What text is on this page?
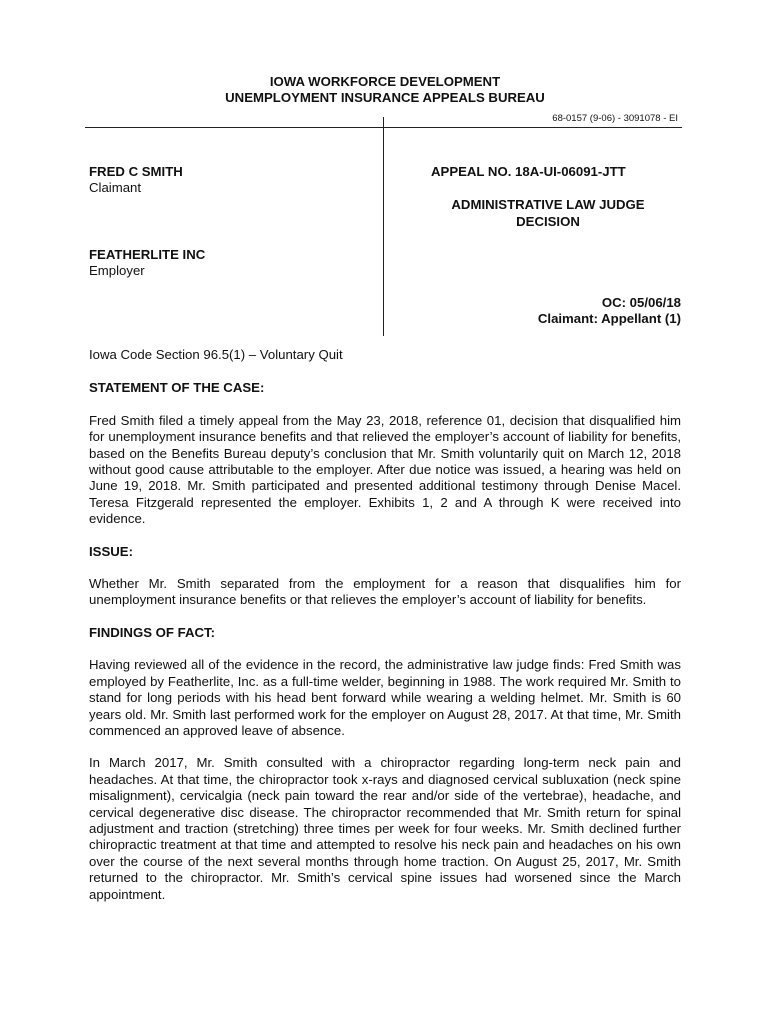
IOWA WORKFORCE DEVELOPMENT
UNEMPLOYMENT INSURANCE APPEALS BUREAU
68-0157 (9-06) - 3091078 - EI
FRED C SMITH
Claimant
FEATHERLITE INC
Employer
APPEAL NO. 18A-UI-06091-JTT
ADMINISTRATIVE LAW JUDGE
DECISION
OC: 05/06/18
Claimant: Appellant (1)

Iowa Code Section 96.5(1) – Voluntary Quit

STATEMENT OF THE CASE:

Fred Smith filed a timely appeal from the May 23, 2018, reference 01, decision that disqualified him for unemployment insurance benefits and that relieved the employer’s account of liability for benefits, based on the Benefits Bureau deputy’s conclusion that Mr. Smith voluntarily quit on March 12, 2018 without good cause attributable to the employer. After due notice was issued, a hearing was held on June 19, 2018. Mr. Smith participated and presented additional testimony through Denise Macel. Teresa Fitzgerald represented the employer. Exhibits 1, 2 and A through K were received into evidence.

ISSUE:

Whether Mr. Smith separated from the employment for a reason that disqualifies him for unemployment insurance benefits or that relieves the employer’s account of liability for benefits.

FINDINGS OF FACT:

Having reviewed all of the evidence in the record, the administrative law judge finds: Fred Smith was employed by Featherlite, Inc. as a full-time welder, beginning in 1988. The work required Mr. Smith to stand for long periods with his head bent forward while wearing a welding helmet. Mr. Smith is 60 years old. Mr. Smith last performed work for the employer on August 28, 2017. At that time, Mr. Smith commenced an approved leave of absence.

In March 2017, Mr. Smith consulted with a chiropractor regarding long-term neck pain and headaches. At that time, the chiropractor took x-rays and diagnosed cervical subluxation (neck spine misalignment), cervicalgia (neck pain toward the rear and/or side of the vertebrae), headache, and cervical degenerative disc disease. The chiropractor recommended that Mr. Smith return for spinal adjustment and traction (stretching) three times per week for four weeks. Mr. Smith declined further chiropractic treatment at that time and attempted to resolve his neck pain and headaches on his own over the course of the next several months through home traction. On August 25, 2017, Mr. Smith returned to the chiropractor. Mr. Smith’s cervical spine issues had worsened since the March appointment.
